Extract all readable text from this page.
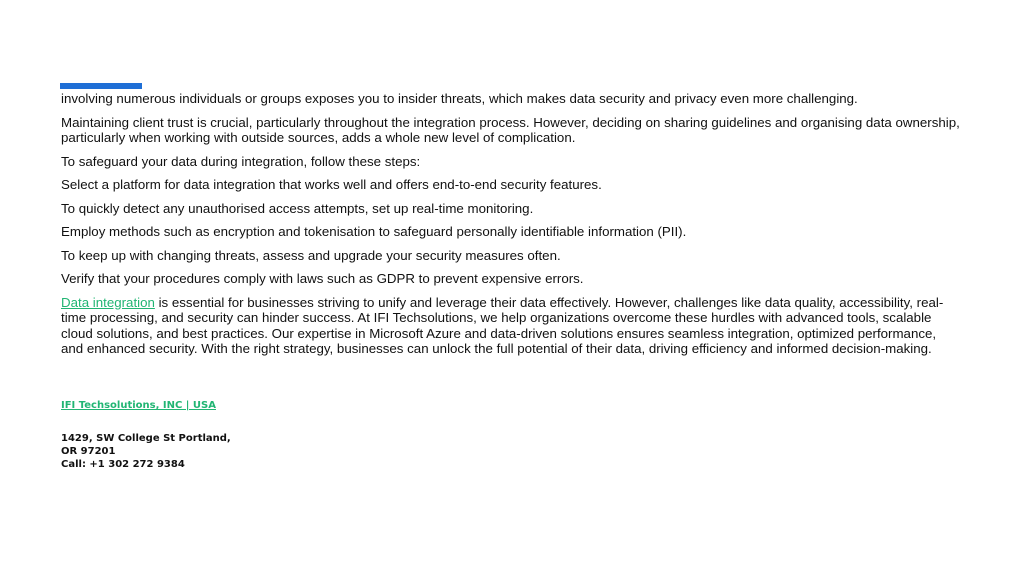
involving numerous individuals or groups exposes you to insider threats, which makes data security and privacy even more challenging.

Maintaining client trust is crucial, particularly throughout the integration process. However, deciding on sharing guidelines and organising data ownership, particularly when working with outside sources, adds a whole new level of complication.

To safeguard your data during integration, follow these steps:

Select a platform for data integration that works well and offers end-to-end security features.

To quickly detect any unauthorised access attempts, set up real-time monitoring.

Employ methods such as encryption and tokenisation to safeguard personally identifiable information (PII).

To keep up with changing threats, assess and upgrade your security measures often.

Verify that your procedures comply with laws such as GDPR to prevent expensive errors.

Data integration is essential for businesses striving to unify and leverage their data effectively. However, challenges like data quality, accessibility, real-time processing, and security can hinder success. At IFI Techsolutions, we help organizations overcome these hurdles with advanced tools, scalable cloud solutions, and best practices. Our expertise in Microsoft Azure and data-driven solutions ensures seamless integration, optimized performance, and enhanced security. With the right strategy, businesses can unlock the full potential of their data, driving efficiency and informed decision-making.

IFI Techsolutions, INC | USA
1429, SW College St Portland,
OR 97201
Call: +1 302 272 9384
